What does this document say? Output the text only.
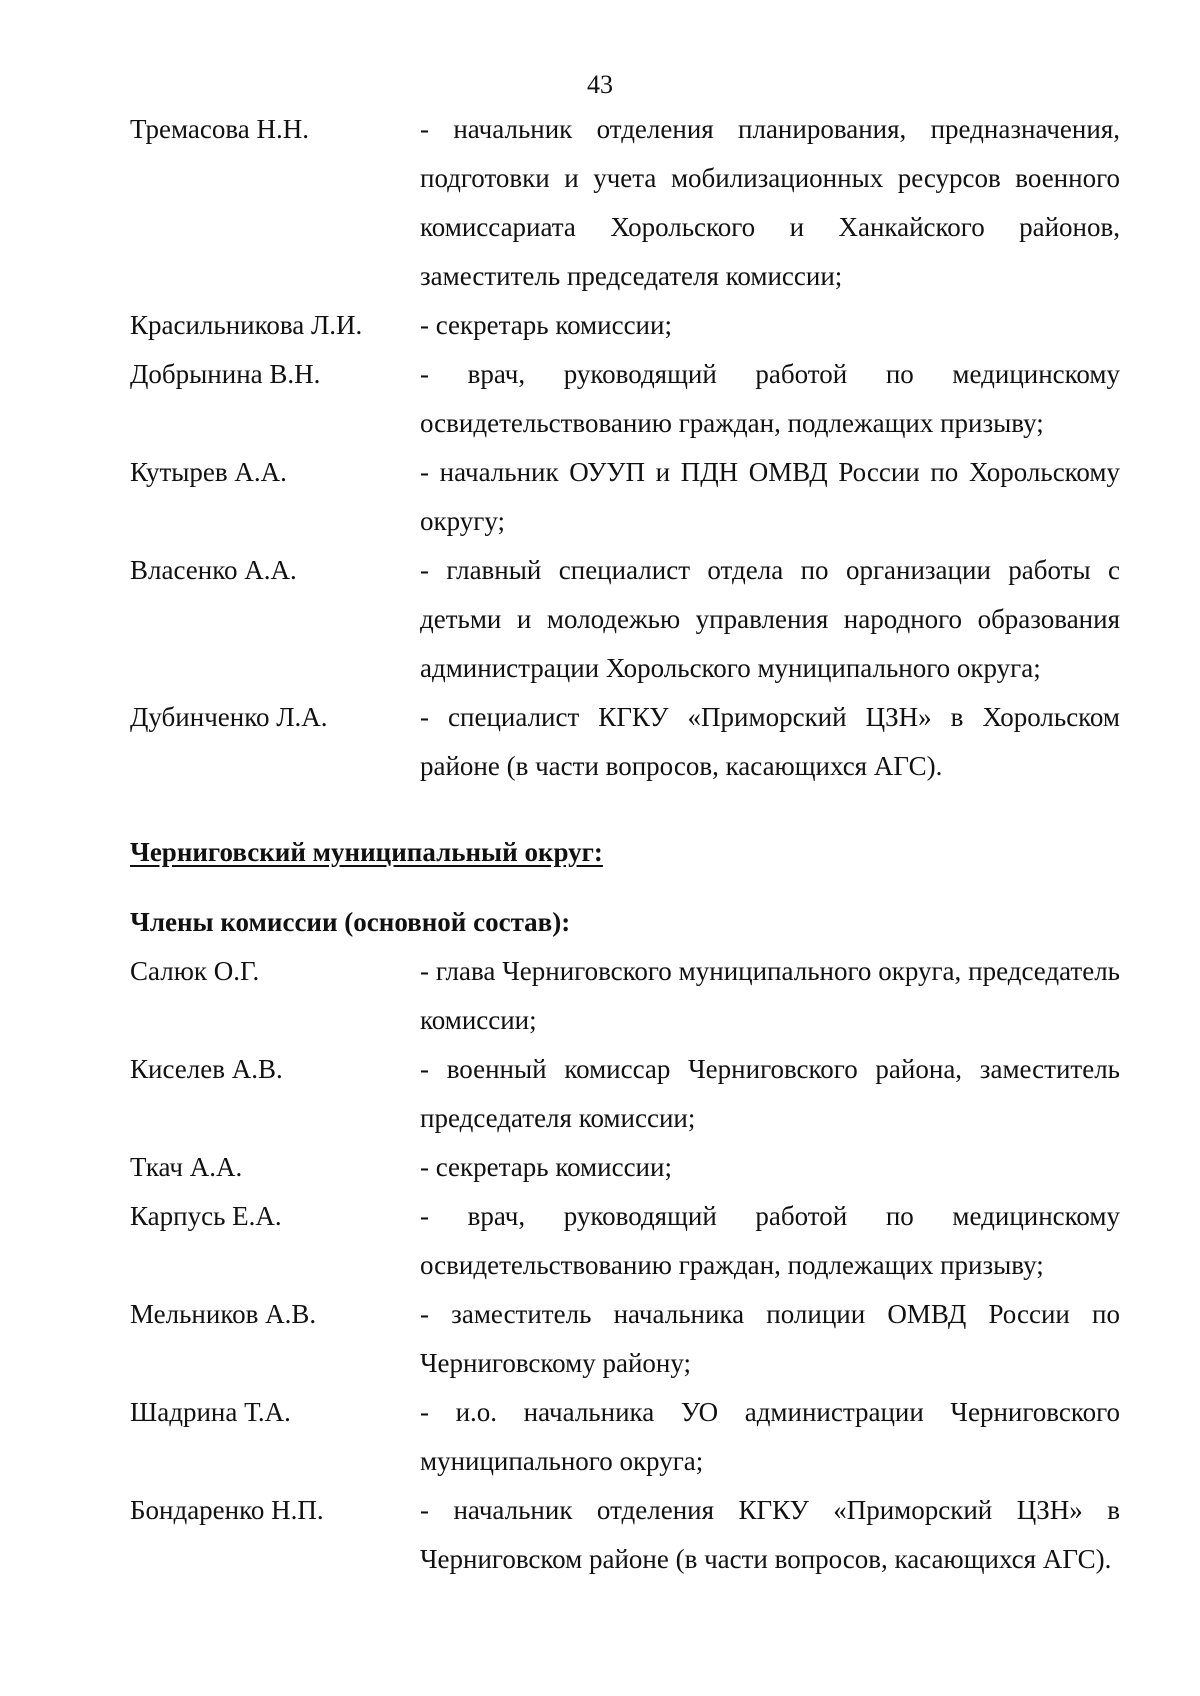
43
Тремасова Н.Н.	- начальник отделения планирования, предназначения, подготовки и учета мобилизационных ресурсов военного комиссариата Хорольского и Ханкайского районов, заместитель председателя комиссии;
Красильникова Л.И.	- секретарь комиссии;
Добрынина В.Н.	- врач, руководящий работой по медицинскому освидетельствованию граждан, подлежащих призыву;
Кутырев А.А.	- начальник ОУУП и ПДН ОМВД России по Хорольскому округу;
Власенко А.А.	- главный специалист отдела по организации работы с детьми и молодежью управления народного образования администрации Хорольского муниципального округа;
Дубинченко Л.А.	- специалист КГКУ «Приморский ЦЗН» в Хорольском районе (в части вопросов, касающихся АГС).

Черниговский муниципальный округ:

Члены комиссии (основной состав):

Салюк О.Г.	- глава Черниговского муниципального округа, председатель комиссии;
Киселев А.В.	- военный комиссар Черниговского района, заместитель председателя комиссии;
Ткач А.А.	- секретарь комиссии;
Карпусь Е.А.	- врач, руководящий работой по медицинскому освидетельствованию граждан, подлежащих призыву;
Мельников А.В.	- заместитель начальника полиции ОМВД России по Черниговскому району;
Шадрина Т.А.	- и.о. начальника УО администрации Черниговского муниципального округа;
Бондаренко Н.П.	- начальник отделения КГКУ «Приморский ЦЗН» в Черниговском районе (в части вопросов, касающихся АГС).
